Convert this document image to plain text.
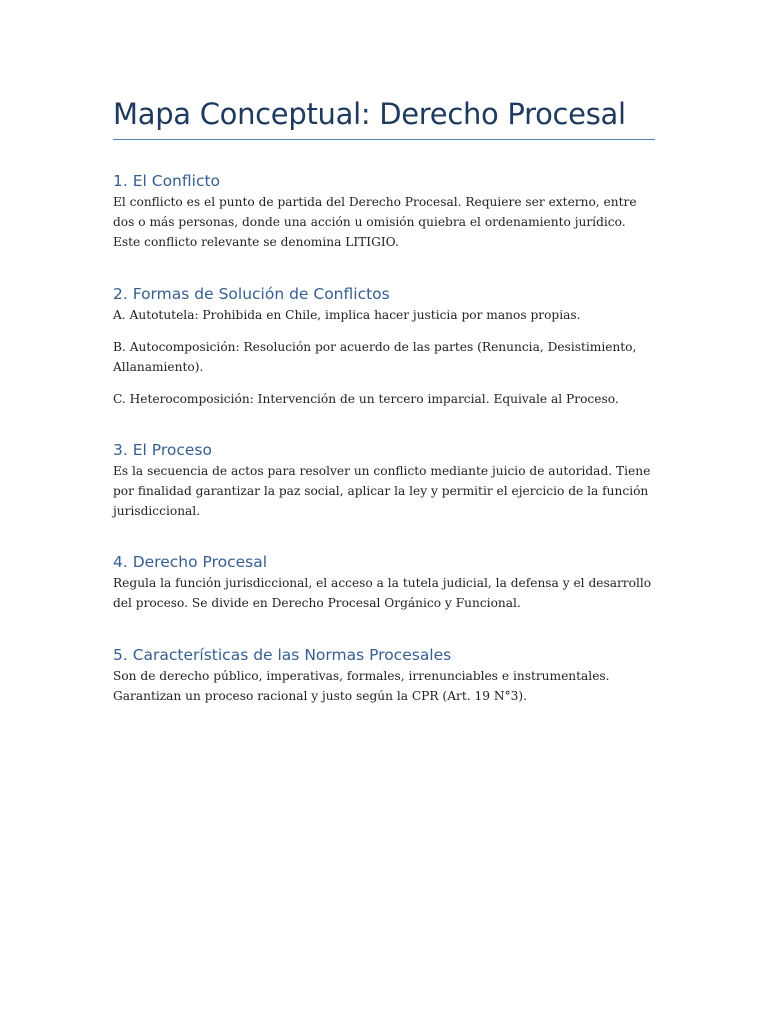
Mapa Conceptual: Derecho Procesal
1. El Conflicto

El conflicto es el punto de partida del Derecho Procesal. Requiere ser externo, entre dos o más personas, donde una acción u omisión quiebra el ordenamiento jurídico. Este conflicto relevante se denomina LITIGIO.

2. Formas de Solución de Conflictos

A. Autotutela: Prohibida en Chile, implica hacer justicia por manos propias.

B. Autocomposición: Resolución por acuerdo de las partes (Renuncia, Desistimiento, Allanamiento).

C. Heterocomposición: Intervención de un tercero imparcial. Equivale al Proceso.

3. El Proceso

Es la secuencia de actos para resolver un conflicto mediante juicio de autoridad. Tiene por finalidad garantizar la paz social, aplicar la ley y permitir el ejercicio de la función jurisdiccional.

4. Derecho Procesal

Regula la función jurisdiccional, el acceso a la tutela judicial, la defensa y el desarrollo del proceso. Se divide en Derecho Procesal Orgánico y Funcional.

5. Características de las Normas Procesales

Son de derecho público, imperativas, formales, irrenunciables e instrumentales. Garantizan un proceso racional y justo según la CPR (Art. 19 N°3).
